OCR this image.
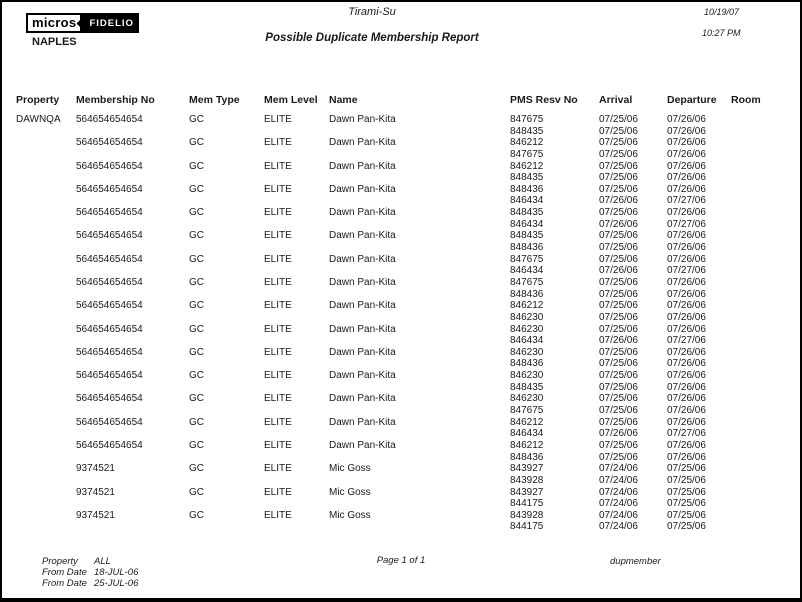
micros	FIDELIO
NAPLES
Tirami-Su
Possible Duplicate Membership Report
10/19/07
10:27 PM
Property	Membership No	Mem Type	Mem Level	Name	PMS Resv No	Arrival	Departure	Room
DAWNQA	564654654654	GC	ELITE	Dawn Pan-Kita	847675	07/25/06	07/26/06
848435	07/25/06	07/26/06
564654654654	GC	ELITE	Dawn Pan-Kita	846212	07/25/06	07/26/06
847675	07/25/06	07/26/06
564654654654	GC	ELITE	Dawn Pan-Kita	846212	07/25/06	07/26/06
848435	07/25/06	07/26/06
564654654654	GC	ELITE	Dawn Pan-Kita	848436	07/25/06	07/26/06
846434	07/26/06	07/27/06
564654654654	GC	ELITE	Dawn Pan-Kita	848435	07/25/06	07/26/06
846434	07/26/06	07/27/06
564654654654	GC	ELITE	Dawn Pan-Kita	848435	07/25/06	07/26/06
848436	07/25/06	07/26/06
564654654654	GC	ELITE	Dawn Pan-Kita	847675	07/25/06	07/26/06
846434	07/26/06	07/27/06
564654654654	GC	ELITE	Dawn Pan-Kita	847675	07/25/06	07/26/06
848436	07/25/06	07/26/06
564654654654	GC	ELITE	Dawn Pan-Kita	846212	07/25/06	07/26/06
846230	07/25/06	07/26/06
564654654654	GC	ELITE	Dawn Pan-Kita	846230	07/25/06	07/26/06
846434	07/26/06	07/27/06
564654654654	GC	ELITE	Dawn Pan-Kita	846230	07/25/06	07/26/06
848436	07/25/06	07/26/06
564654654654	GC	ELITE	Dawn Pan-Kita	846230	07/25/06	07/26/06
848435	07/25/06	07/26/06
564654654654	GC	ELITE	Dawn Pan-Kita	846230	07/25/06	07/26/06
847675	07/25/06	07/26/06
564654654654	GC	ELITE	Dawn Pan-Kita	846212	07/25/06	07/26/06
846434	07/26/06	07/27/06
564654654654	GC	ELITE	Dawn Pan-Kita	846212	07/25/06	07/26/06
848436	07/25/06	07/26/06
9374521	GC	ELITE	Mic Goss	843927	07/24/06	07/25/06
843928	07/24/06	07/25/06
9374521	GC	ELITE	Mic Goss	843927	07/24/06	07/25/06
844175	07/24/06	07/25/06
9374521	GC	ELITE	Mic Goss	843928	07/24/06	07/25/06
844175	07/24/06	07/25/06
Property	ALL
From Date 18-JUL-06
From Date 25-JUL-06
Page 1 of 1	dupmember
